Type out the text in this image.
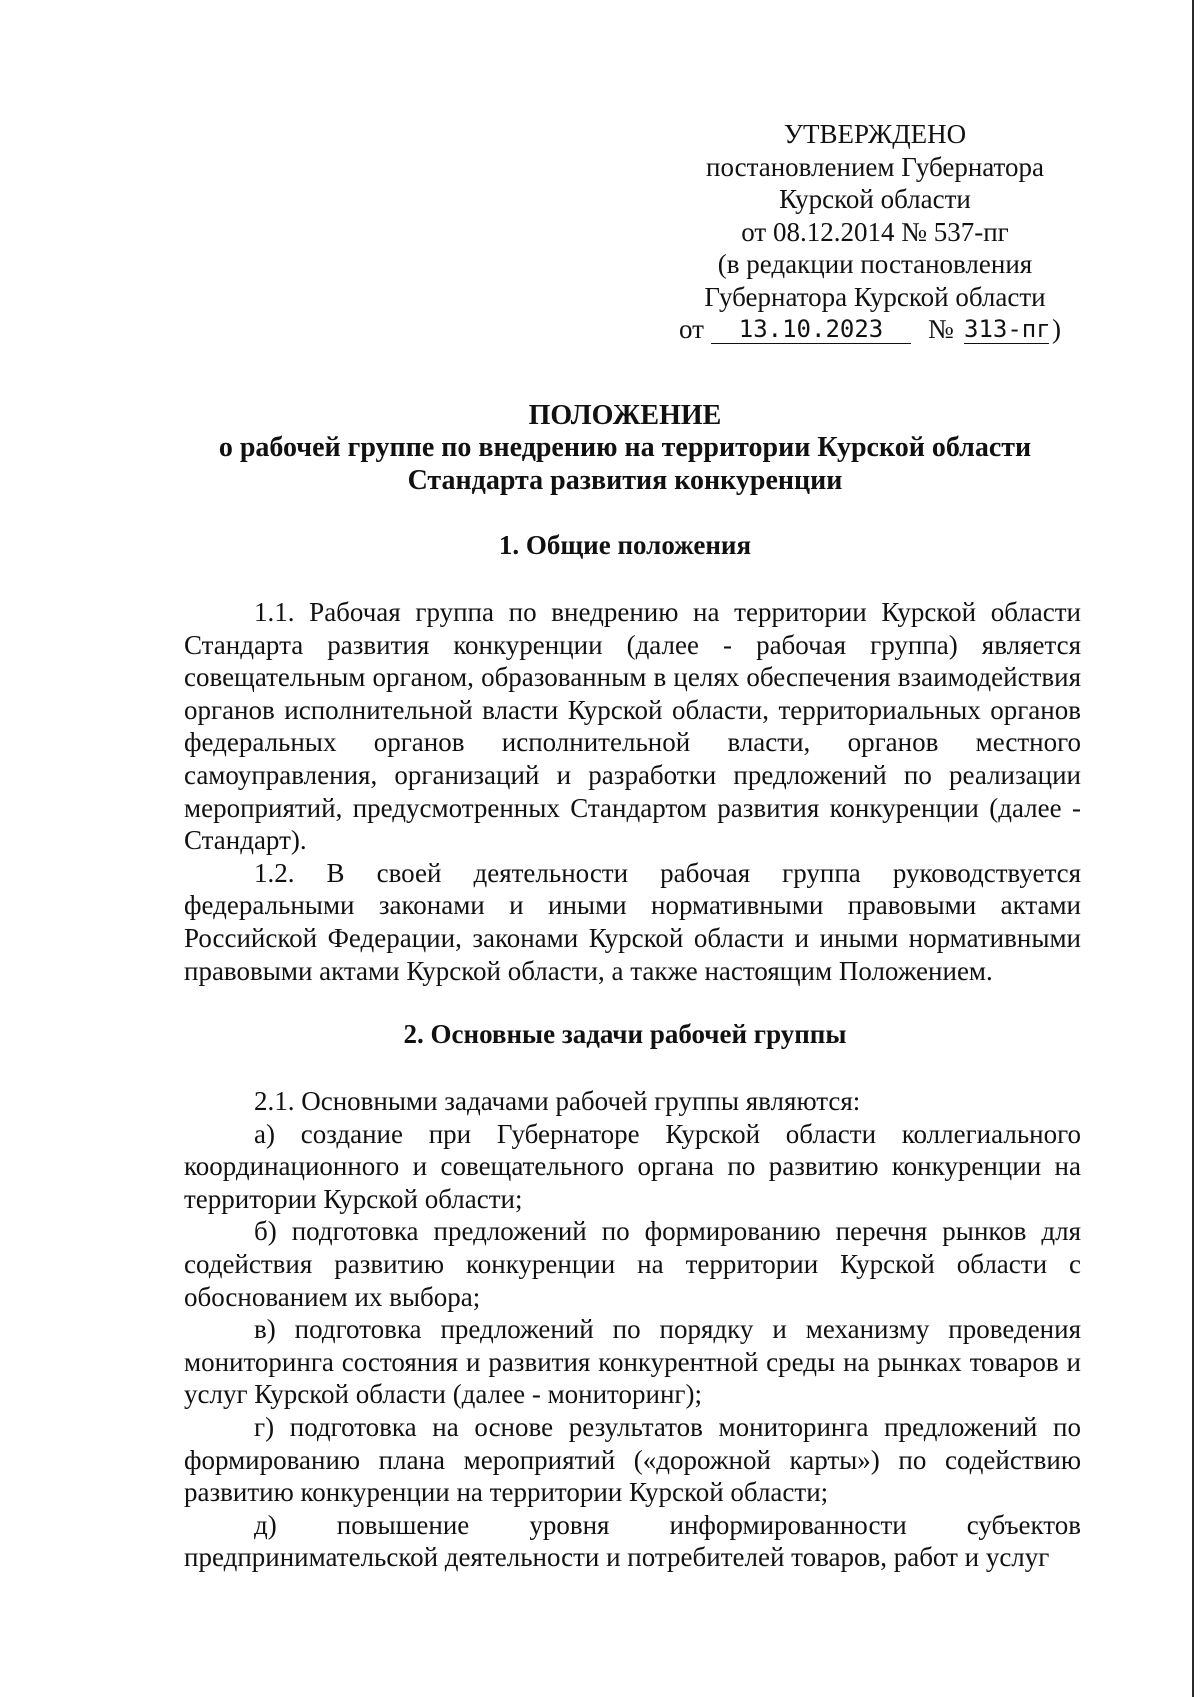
УТВЕРЖДЕНО
постановлением Губернатора
Курской области
от 08.12.2014 № 537-пг
(в редакции постановления
Губернатора Курской области
от	13.10.2023	№ 313-пг )
ПОЛОЖЕНИЕ
о рабочей группе по внедрению на территории Курской области
Стандарта развития конкуренции
1. Общие положения

1.1. Рабочая группа по внедрению на территории Курской области Стандарта развития конкуренции (далее - рабочая группа) является совещательным органом, образованным в целях обеспечения взаимодействия органов исполнительной власти Курской области, территориальных органов федеральных органов исполнительной власти, органов местного самоуправления, организаций и разработки предложений по реализации мероприятий, предусмотренных Стандартом развития конкуренции (далее - Стандарт).

1.2. В своей деятельности рабочая группа руководствуется федеральными законами и иными нормативными правовыми актами Российской Федерации, законами Курской области и иными нормативными правовыми актами Курской области, а также настоящим Положением.

2. Основные задачи рабочей группы

2.1. Основными задачами рабочей группы являются:

а) создание при Губернаторе Курской области коллегиального координационного и совещательного органа по развитию конкуренции на территории Курской области;

б) подготовка предложений по формированию перечня рынков для содействия развитию конкуренции на территории Курской области с обоснованием их выбора;

в) подготовка предложений по порядку и механизму проведения мониторинга состояния и развития конкурентной среды на рынках товаров и услуг Курской области (далее - мониторинг);

г) подготовка на основе результатов мониторинга предложений по формированию плана мероприятий («дорожной карты») по содействию развитию конкуренции на территории Курской области;

д) повышение уровня информированности субъектов предпринимательской деятельности и потребителей товаров, работ и услуг
